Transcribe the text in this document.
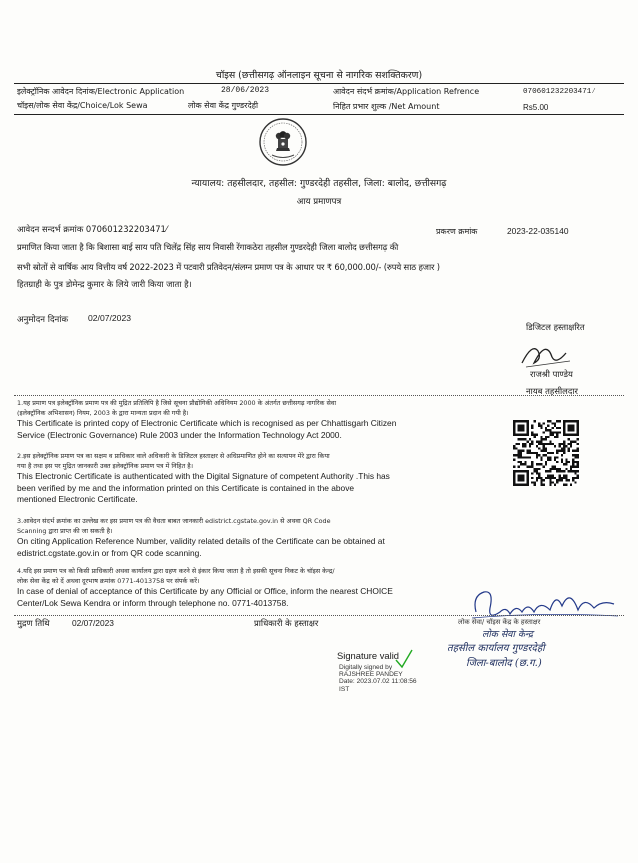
चॉइस (छत्तीसगढ़ ऑनलाइन सूचना से नागरिक सशक्तिकरण)
इलेक्ट्रॉनिक आवेदन दिनांक/Electronic Application	28/06/2023	आवेदन संदर्भ क्रमांक/Application Refrence	070601232203471⁄
चॉइस/लोक सेवा केंद्र/Choice/Lok Sewa	लोक सेवा केंद्र गुण्डरदेही	निहित प्रभार शुल्क /Net Amount	Rs5.00
न्यायालय: तहसीलदार, तहसील: गुण्डरदेही तहसील, जिला: बालोद, छत्तीसगढ़
आय प्रमाणपत्र
आवेदन सन्दर्भ क्रमांक 070601232203471⁄	प्रकरण क्रमांक	2023-22-035140
प्रमाणित किया जाता है कि बिशासा बाई साय पति चिलेंद्र सिंह साय निवासी रेंगाकठेरा तहसील गुण्डरदेही जिला बालोद छत्तीसगढ़ की
सभी स्रोतों से वार्षिक आय वित्तीय वर्ष 2022-2023 में पटवारी प्रतिवेदन/संलग्न प्रमाण पत्र के आधार पर ₹ 60,000.00/- (रुपये साठ हजार )
हितग्राही के पुत्र डोमेन्द्र कुमार के लिये जारी किया जाता है।
अनुमोदन दिनांक 02/07/2023
डिजिटल हस्ताक्षरित
राजश्री पाण्डेय
नायब तहसीलदार
1.यह प्रमाण पत्र इलेक्ट्रॉनिक प्रमाण पत्र की मुद्रित प्रतिलिपि है जिसे सूचना प्रौद्योगिकी अधिनियम 2000 के अंतर्गत छत्तीसगढ़ नागरिक सेवा
(इलेक्ट्रॉनिक अभिशासन) नियम, 2003 के द्वारा मान्यता प्रदान की गयी है।
This Certificate is printed copy of Electronic Certificate which is recognised as per Chhattisgarh Citizen
Service (Electronic Governance) Rule 2003 under the Information Technology Act 2000.
2.इस इलेक्ट्रॉनिक प्रमाण पत्र का सक्षम व प्राधिकार वाले अधिकारी के डिजिटल हस्ताक्षर से अधिप्रमाणित होने का सत्यापन मेरे द्वारा किया
गया है तथा इस पर मुद्रित जानकारी उक्त इलेक्ट्रॉनिक प्रमाण पत्र में निहित है।
This Electronic Certificate is authenticated with the Digital Signature of competent Authority .This has
been verified by me and the information printed on this Certificate is contained in the above
mentioned Electronic Certificate.
3.आवेदन संदर्भ क्रमांक का उल्लेख कर इस प्रमाण पत्र की वैधता बाबत जानकारी edistrict.cgstate.gov.in से अथवा QR Code
Scanning द्वारा प्राप्त की जा सकती है।
On citing Application Reference Number, validity related details of the Certificate can be obtained at
edistrict.cgstate.gov.in or from QR code scanning.
4.यदि इस प्रमाण पत्र को किसी प्राधिकारी अथवा कार्यालय द्वारा ग्रहण करने से इंकार किया जाता है तो इसकी सूचना निकट के चॉइस केन्द्र/
लोक सेवा केंद्र को दें अथवा दूरभाष क्रमांक 0771-4013758 पर संपर्क करें।
In case of denial of acceptance of this Certificate by any Official or Office, inform the nearest CHOICE
Center/Lok Sewa Kendra or inform through telephone no. 0771-4013758.
लोक सेवा केन्द्र
तहसील कार्यालय गुण्डरदेही
जिला-बालोद (छ.ग.)
मुद्रण तिथि	02/07/2023	प्राधिकारी के हस्ताक्षर
Signature valid
Digitally signed by
RAJSHREE PANDEY
Date: 2023.07.02 11:08:56
IST
लोक सेवा/ चॉइस केंद्र के हस्ताक्षर
